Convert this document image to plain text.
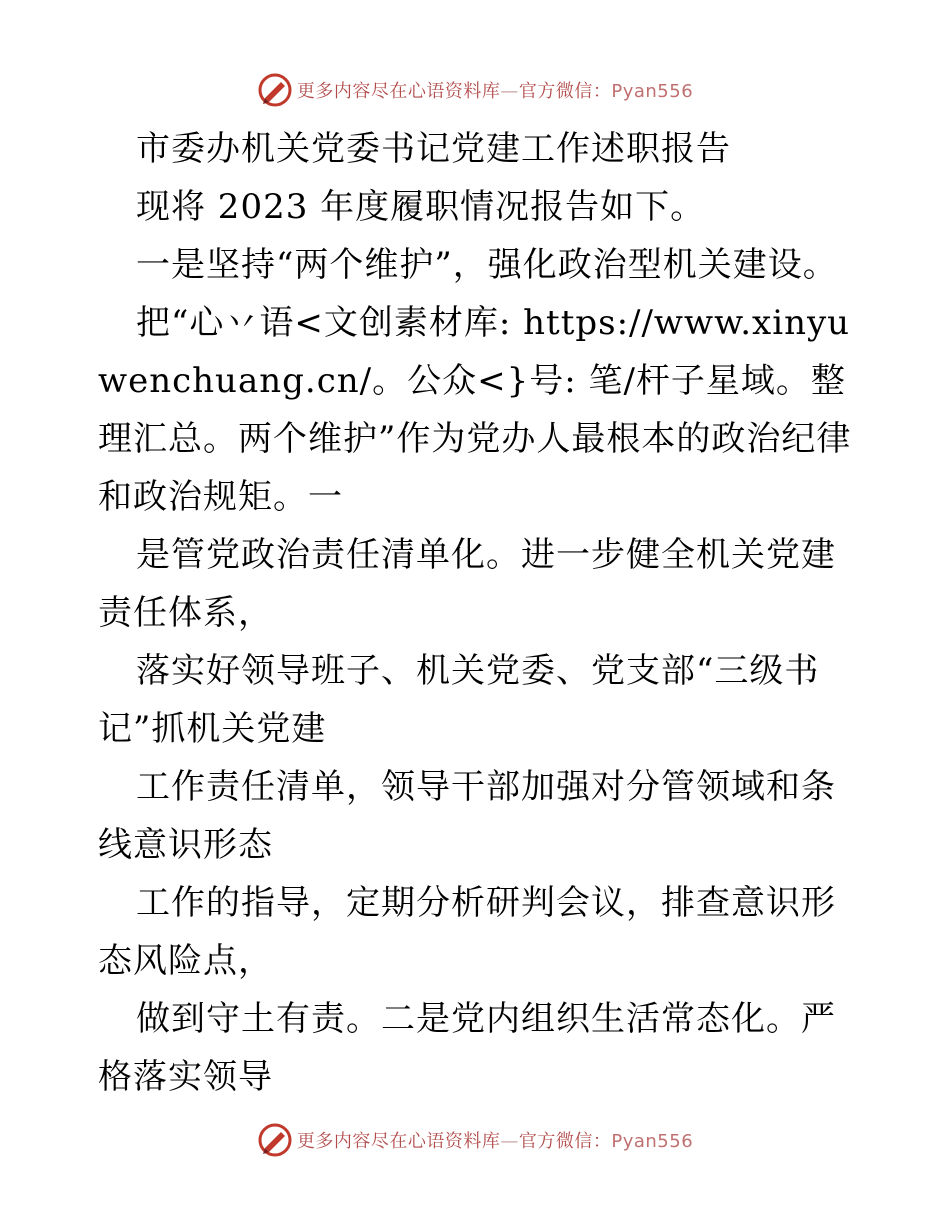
更多内容尽在心语资料库—官方微信：Pyan556

市委办机关党委书记党建工作述职报告

现将 2023 年度履职情况报告如下。

一是坚持“两个维护”，强化政治型机关建设。

把“心丷语<文创素材库: https://www.xinyuwenchuang.cn/。公众<}号: 笔/杆子星域。整理汇总。两个维护”作为党办人最根本的政治纪律和政治规矩。一

是管党政治责任清单化。进一步健全机关党建责任体系，

落实好领导班子、机关党委、党支部“三级书记”抓机关党建

工作责任清单，领导干部加强对分管领域和条线意识形态

工作的指导，定期分析研判会议，排查意识形态风险点，

做到守土有责。二是党内组织生活常态化。严格落实领导

更多内容尽在心语资料库—官方微信：Pyan556
